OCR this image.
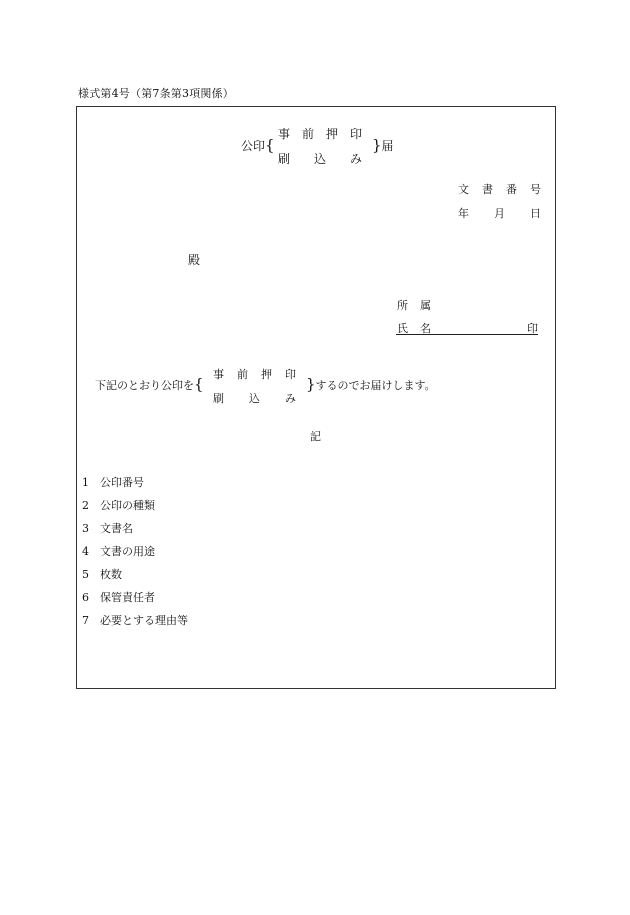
様式第4号（第7条第3項関係）
公印{
事 前 押 印
刷 込 み
}届
文 書 番 号
年 月 日
殿
所 属
氏 名	印
下記のとおり公印を{
事 前 押 印
刷 込 み
}するのでお届けします。
記
1 公印番号
2 公印の種類
3 文書名
4 文書の用途
5 枚数
6 保管責任者
7 必要とする理由等
